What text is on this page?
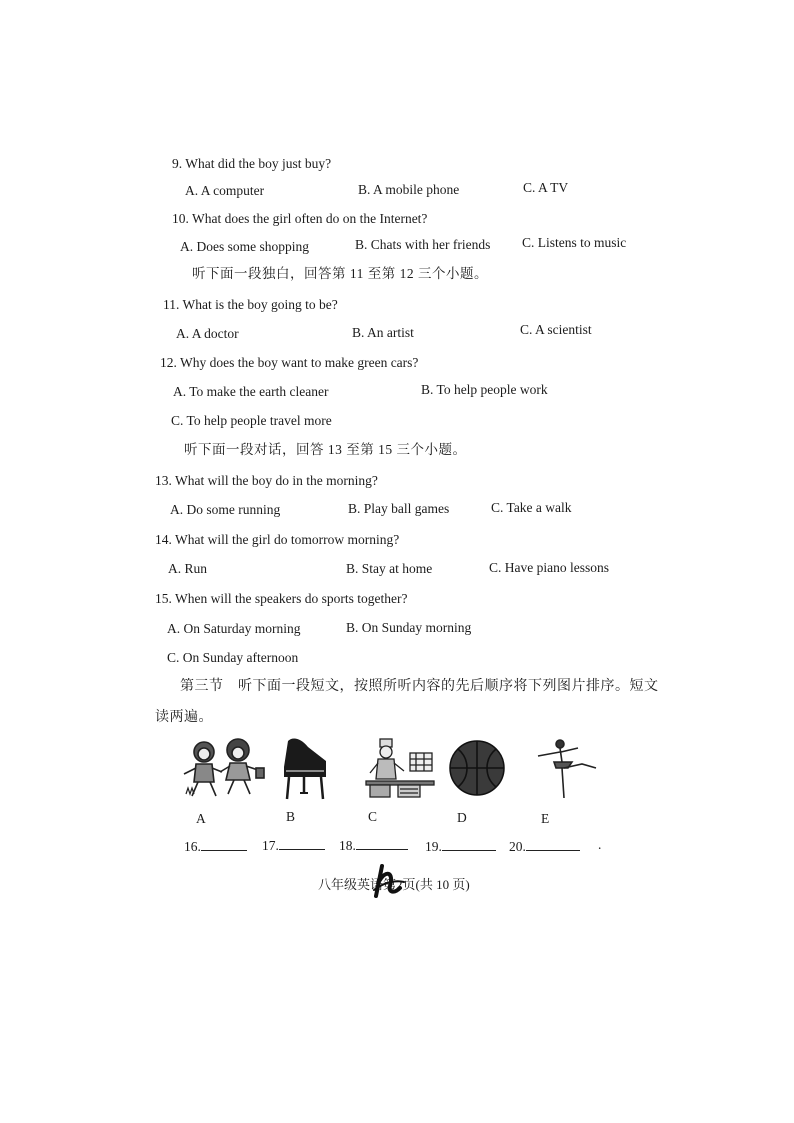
9. What did the boy just buy?
A. A computer	B. A mobile phone	C. A TV
10. What does the girl often do on the Internet?
A. Does some shopping	B. Chats with her friends C. Listens to music
听下面一段独白，回答第 11 至第 12 三个小题。
11. What is the boy going to be?
A. A doctor	B. An artist	C. A scientist
12. Why does the boy want to make green cars?
A. To make the earth cleaner	B. To help people work
C. To help people travel more
听下面一段对话，回答 13 至第 15 三个小题。
13. What will the boy do in the morning?
A. Do some running	B. Play ball games	C. Take a walk
14. What will the girl do tomorrow morning?
A. Run	B. Stay at home	C. Have piano lessons
15. When will the speakers do sports together?
A. On Saturday morning	B. On Sunday morning
C. On Sunday afternoon
第三节　听下面一段短文，按照所听内容的先后顺序将下列图片排序。短文
读两遍。
A	B	C	D	E
16.	17.	18.	19.	20.	.
八年级英语第2页(共 10 页)
